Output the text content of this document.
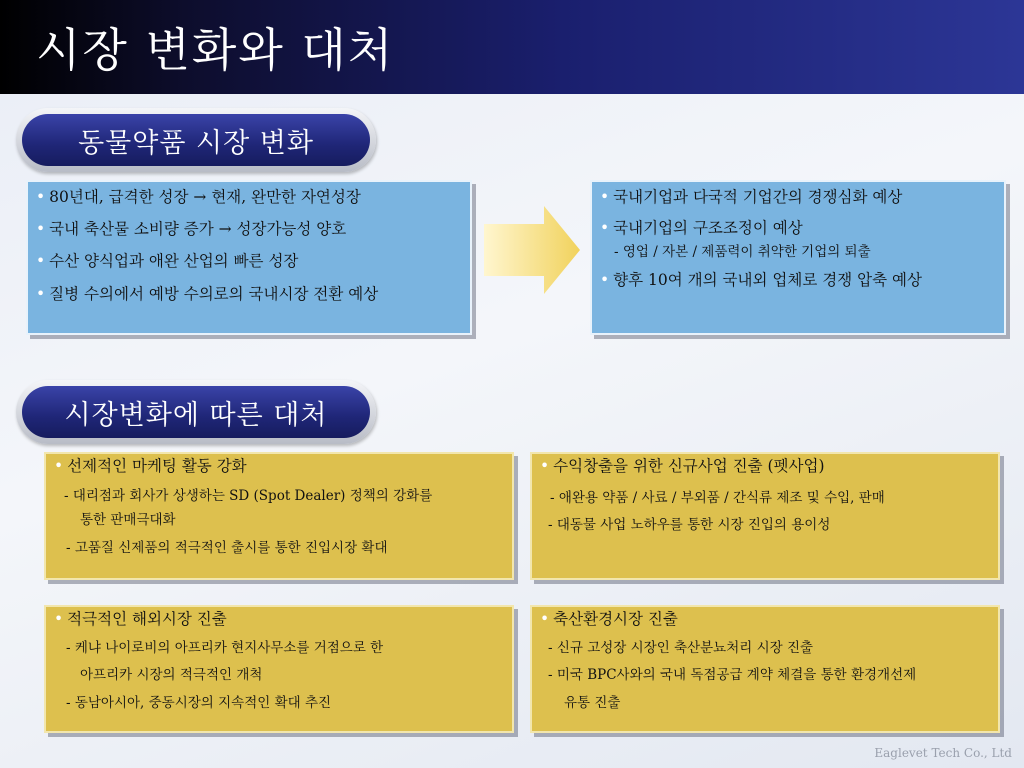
시장 변화와 대처
동물약품 시장 변화
• 80년대, 급격한 성장 → 현재, 완만한 자연성장
• 국내 축산물 소비량 증가 → 성장가능성 양호
• 수산 양식업과 애완 산업의 빠른 성장
• 질병 수의에서 예방 수의로의 국내시장 전환 예상
• 국내기업과 다국적 기업간의 경쟁심화 예상
• 국내기업의 구조조정이 예상
- 영업 / 자본 / 제품력이 취약한 기업의 퇴출
• 향후 10여 개의 국내외 업체로 경쟁 압축 예상
시장변화에 따른 대처
• 선제적인 마케팅 활동 강화
- 대리점과 회사가 상생하는 SD (Spot Dealer) 정책의 강화를
통한 판매극대화
- 고품질 신제품의 적극적인 출시를 통한 진입시장 확대
• 수익창출을 위한 신규사업 진출 (펫사업)
- 애완용 약품 / 사료 / 부외품 / 간식류 제조 및 수입, 판매
- 대동물 사업 노하우를 통한 시장 진입의 용이성
• 적극적인 해외시장 진출
- 케냐 나이로비의 아프리카 현지사무소를 거점으로 한
아프리카 시장의 적극적인 개척
- 동남아시아, 중동시장의 지속적인 확대 추진
• 축산환경시장 진출
- 신규 고성장 시장인 축산분뇨처리 시장 진출
- 미국 BPC사와의 국내 독점공급 계약 체결을 통한 환경개선제
유통 진출
Eaglevet Tech Co., Ltd
